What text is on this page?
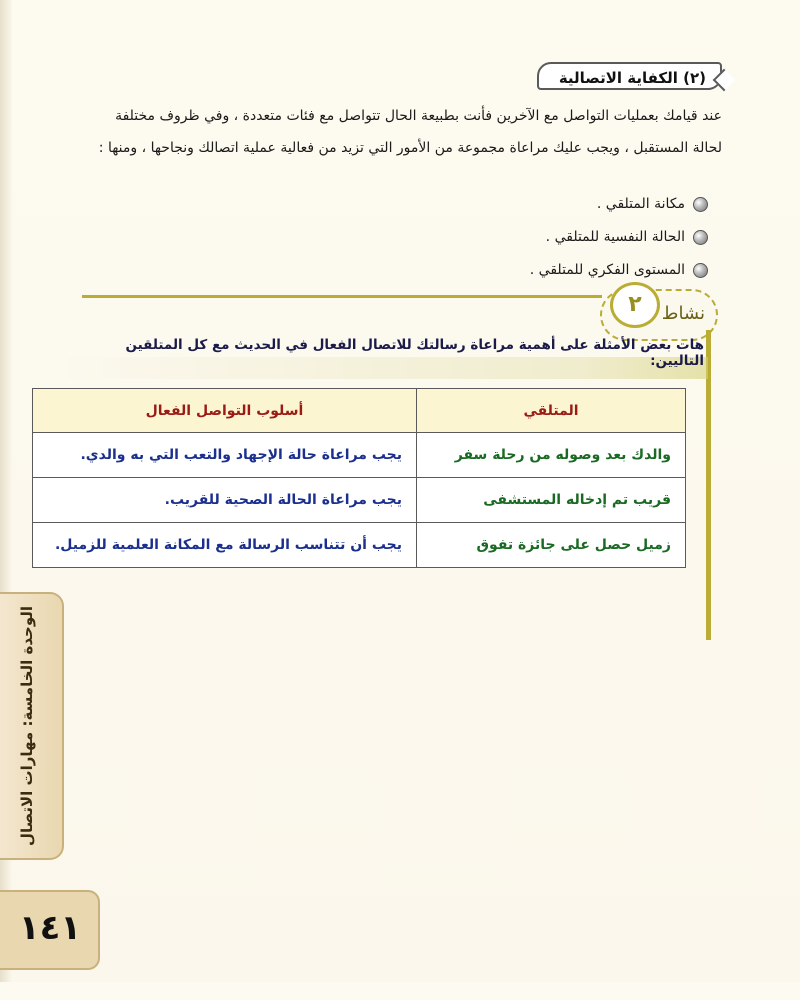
(٢) الكفاية الاتصالية
عند قيامك بعمليات التواصل مع الآخرين فأنت بطبيعة الحال تتواصل مع فئات متعددة ، وفي ظروف مختلفة لحالة المستقبل ، ويجب عليك مراعاة مجموعة من الأمور التي تزيد من فعالية عملية اتصالك ونجاحها ، ومنها :
مكانة المتلقي .
الحالة النفسية للمتلقي .
المستوى الفكري للمتلقي .
٢	نشاط
هات بعض الأمثلة على أهمية مراعاة رسالتك للاتصال الفعال في الحديث مع كل المتلقين التاليين:
المتلقي	أسلوب التواصل الفعال
والدك بعد وصوله من رحلة سفر	يجب مراعاة حالة الإجهاد والتعب التي به والدي.
قريب تم إدخاله المستشفى	يجب مراعاة الحالة الصحية للقريب.
زميل حصل على جائزة تفوق	يجب أن تتناسب الرسالة مع المكانة العلمية للزميل.
الوحدة الخامسة: مهارات الاتصال
١٤١
